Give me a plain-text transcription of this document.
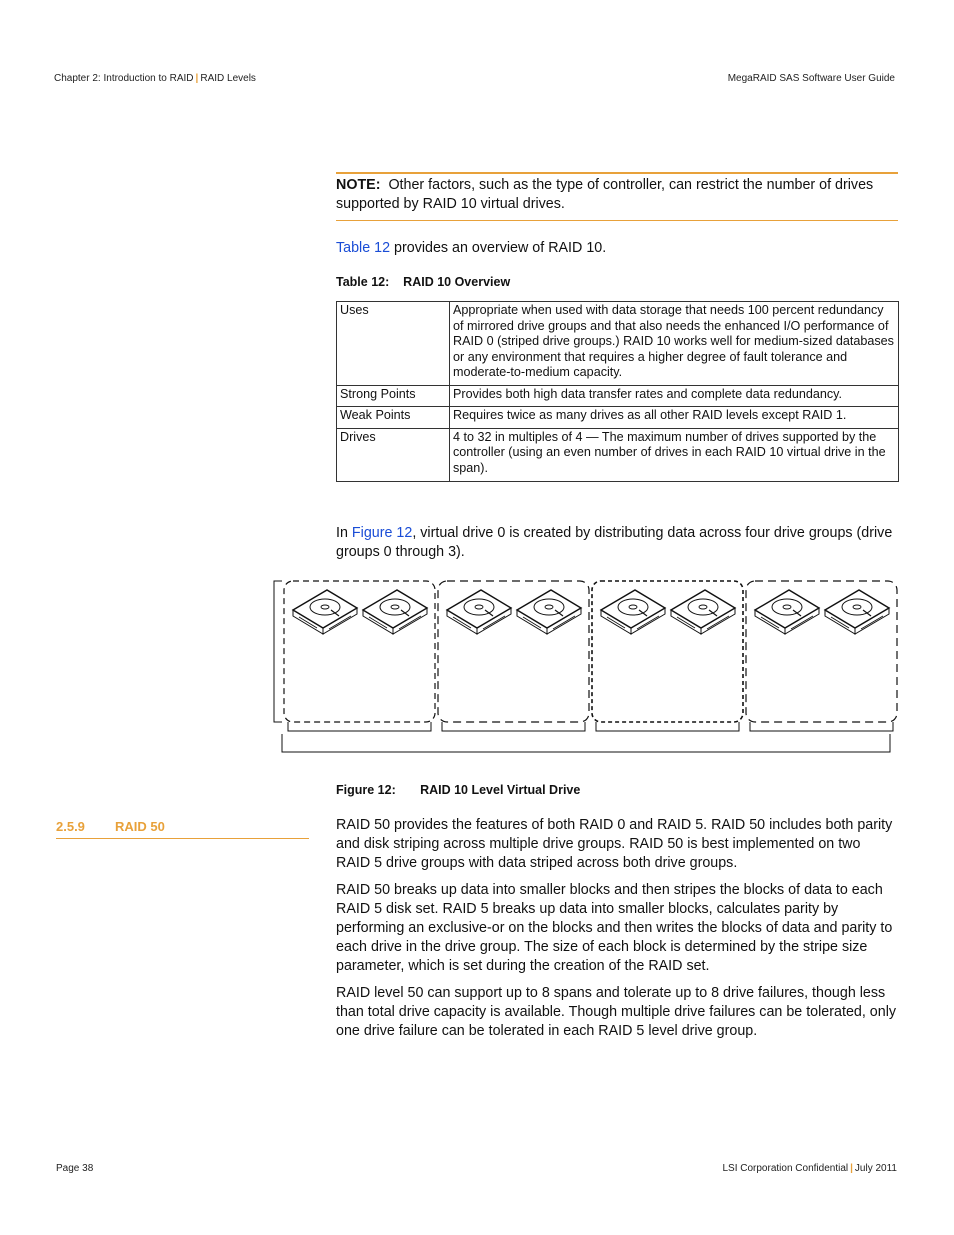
Chapter 2: Introduction to RAID | RAID Levels	MegaRAID SAS Software User Guide
NOTE: Other factors, such as the type of controller, can restrict the number of drives supported by RAID 10 virtual drives.
Table 12 provides an overview of RAID 10.
Table 12: RAID 10 Overview
Uses	Appropriate when used with data storage that needs 100 percent redundancy of mirrored drive groups and that also needs the enhanced I/O performance of RAID 0 (striped drive groups.) RAID 10 works well for medium-sized databases or any environment that requires a higher degree of fault tolerance and moderate-to-medium capacity.
Strong Points	Provides both high data transfer rates and complete data redundancy.
Weak Points	Requires twice as many drives as all other RAID levels except RAID 1.
Drives	4 to 32 in multiples of 4 — The maximum number of drives supported by the controller (using an even number of drives in each RAID 10 virtual drive in the span).
In Figure 12, virtual drive 0 is created by distributing data across four drive groups (drive groups 0 through 3).
Figure 12: RAID 10 Level Virtual Drive
2.5.9 RAID 50	RAID 50 provides the features of both RAID 0 and RAID 5. RAID 50 includes both parity and disk striping across multiple drive groups. RAID 50 is best implemented on two RAID 5 drive groups with data striped across both drive groups.
RAID 50 breaks up data into smaller blocks and then stripes the blocks of data to each RAID 5 disk set. RAID 5 breaks up data into smaller blocks, calculates parity by performing an exclusive-or on the blocks and then writes the blocks of data and parity to each drive in the drive group. The size of each block is determined by the stripe size parameter, which is set during the creation of the RAID set.
RAID level 50 can support up to 8 spans and tolerate up to 8 drive failures, though less than total drive capacity is available. Though multiple drive failures can be tolerated, only one drive failure can be tolerated in each RAID 5 level drive group.
Page 38	LSI Corporation Confidential | July 2011
